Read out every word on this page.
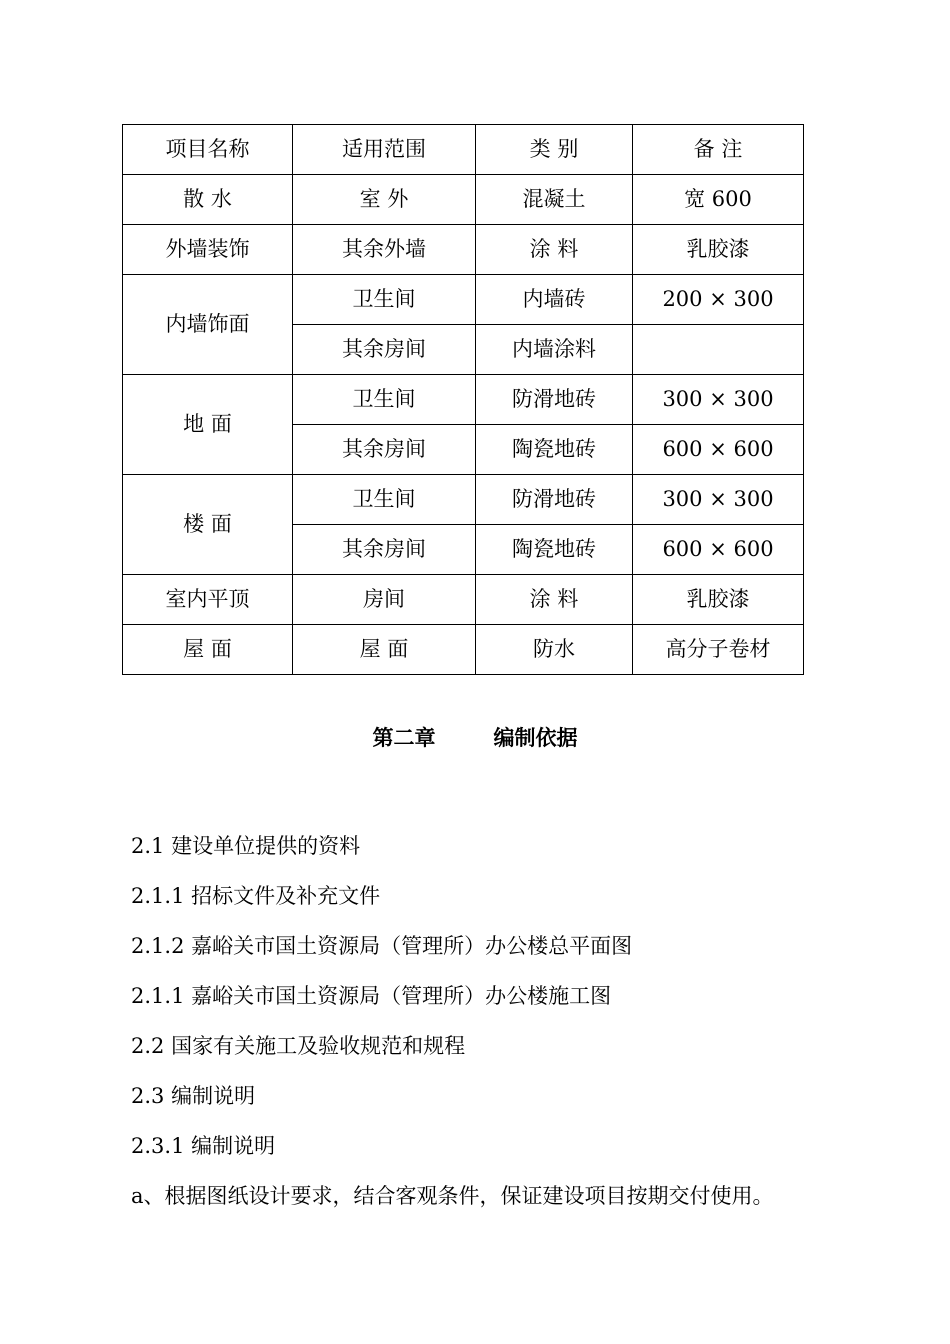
项目名称	适用范围	类 别	备 注
散 水	室 外	混凝土	宽 600
外墙装饰	其余外墙	涂 料	乳胶漆
内墙饰面	卫生间	内墙砖	200 × 300
	其余房间	内墙涂料	
地 面	卫生间	防滑地砖	300 × 300
	其余房间	陶瓷地砖	600 × 600
楼 面	卫生间	防滑地砖	300 × 300
	其余房间	陶瓷地砖	600 × 600
室内平顶	房间	涂 料	乳胶漆
屋 面	屋 面	防水	高分子卷材
第二章	编制依据
2.1 建设单位提供的资料
2.1.1 招标文件及补充文件
2.1.2 嘉峪关市国土资源局（管理所）办公楼总平面图
2.1.1 嘉峪关市国土资源局（管理所）办公楼施工图
2.2 国家有关施工及验收规范和规程
2.3 编制说明
2.3.1 编制说明
a、根据图纸设计要求，结合客观条件，保证建设项目按期交付使用。
